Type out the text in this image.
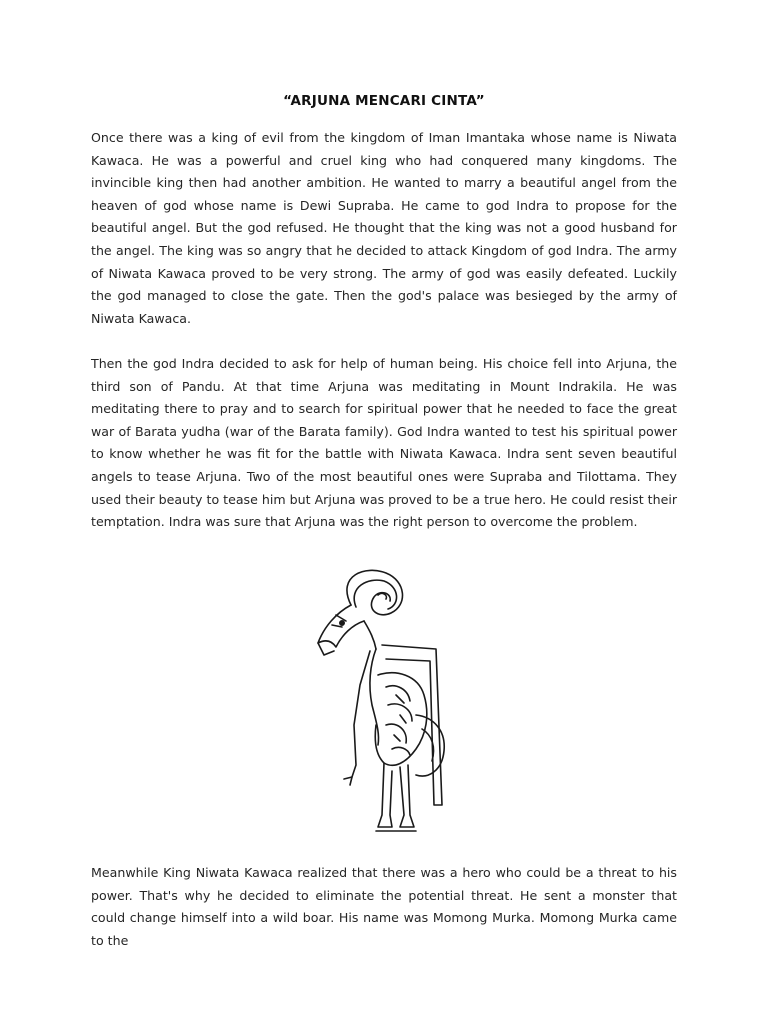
“ARJUNA MENCARI CINTA”

Once there was a king of evil from the kingdom of Iman Imantaka whose name is Niwata Kawaca. He was a powerful and cruel king who had conquered many kingdoms. The invincible king then had another ambition. He wanted to marry a beautiful angel from the heaven of god whose name is Dewi Supraba. He came to god Indra to propose for the beautiful angel. But the god refused. He thought that the king was not a good husband for the angel. The king was so angry that he decided to attack Kingdom of god Indra. The army of Niwata Kawaca proved to be very strong. The army of god was easily defeated. Luckily the god managed to close the gate. Then the god's palace was besieged by the army of Niwata Kawaca.

Then the god Indra decided to ask for help of human being. His choice fell into Arjuna, the third son of Pandu. At that time Arjuna was meditating in Mount Indrakila. He was meditating there to pray and to search for spiritual power that he needed to face the great war of Barata yudha (war of the Barata family). God Indra wanted to test his spiritual power to know whether he was fit for the battle with Niwata Kawaca. Indra sent seven beautiful angels to tease Arjuna. Two of the most beautiful ones were Supraba and Tilottama. They used their beauty to tease him but Arjuna was proved to be a true hero. He could resist their temptation. Indra was sure that Arjuna was the right person to overcome the problem.

Meanwhile King Niwata Kawaca realized that there was a hero who could be a threat to his power. That's why he decided to eliminate the potential threat. He sent a monster that could change himself into a wild boar. His name was Momong Murka. Momong Murka came to the
